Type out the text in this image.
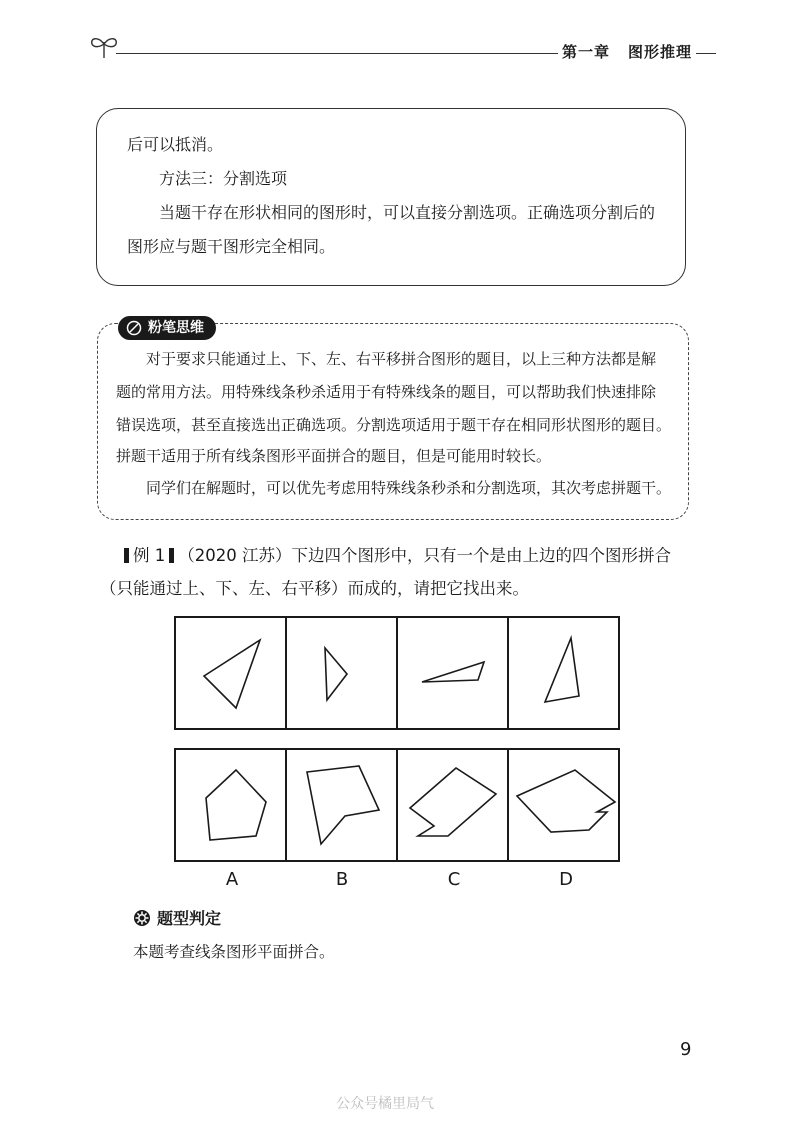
第一章 图形推理

后可以抵消。

方法三：分割选项

当题干存在形状相同的图形时，可以直接分割选项。正确选项分割后的

图形应与题干图形完全相同。

粉笔思维

对于要求只能通过上、下、左、右平移拼合图形的题目，以上三种方法都是解

题的常用方法。用特殊线条秒杀适用于有特殊线条的题目，可以帮助我们快速排除

错误选项，甚至直接选出正确选项。分割选项适用于题干存在相同形状图形的题目。

拼题干适用于所有线条图形平面拼合的题目，但是可能用时较长。

同学们在解题时，可以优先考虑用特殊线条秒杀和分割选项，其次考虑拼题干。

例 1 （2020 江苏）下边四个图形中，只有一个是由上边的四个图形拼合
（只能通过上、下、左、右平移）而成的，请把它找出来。
A	B	C	D
题型判定
本题考查线条图形平面拼合。
9
公众号橘里局气
